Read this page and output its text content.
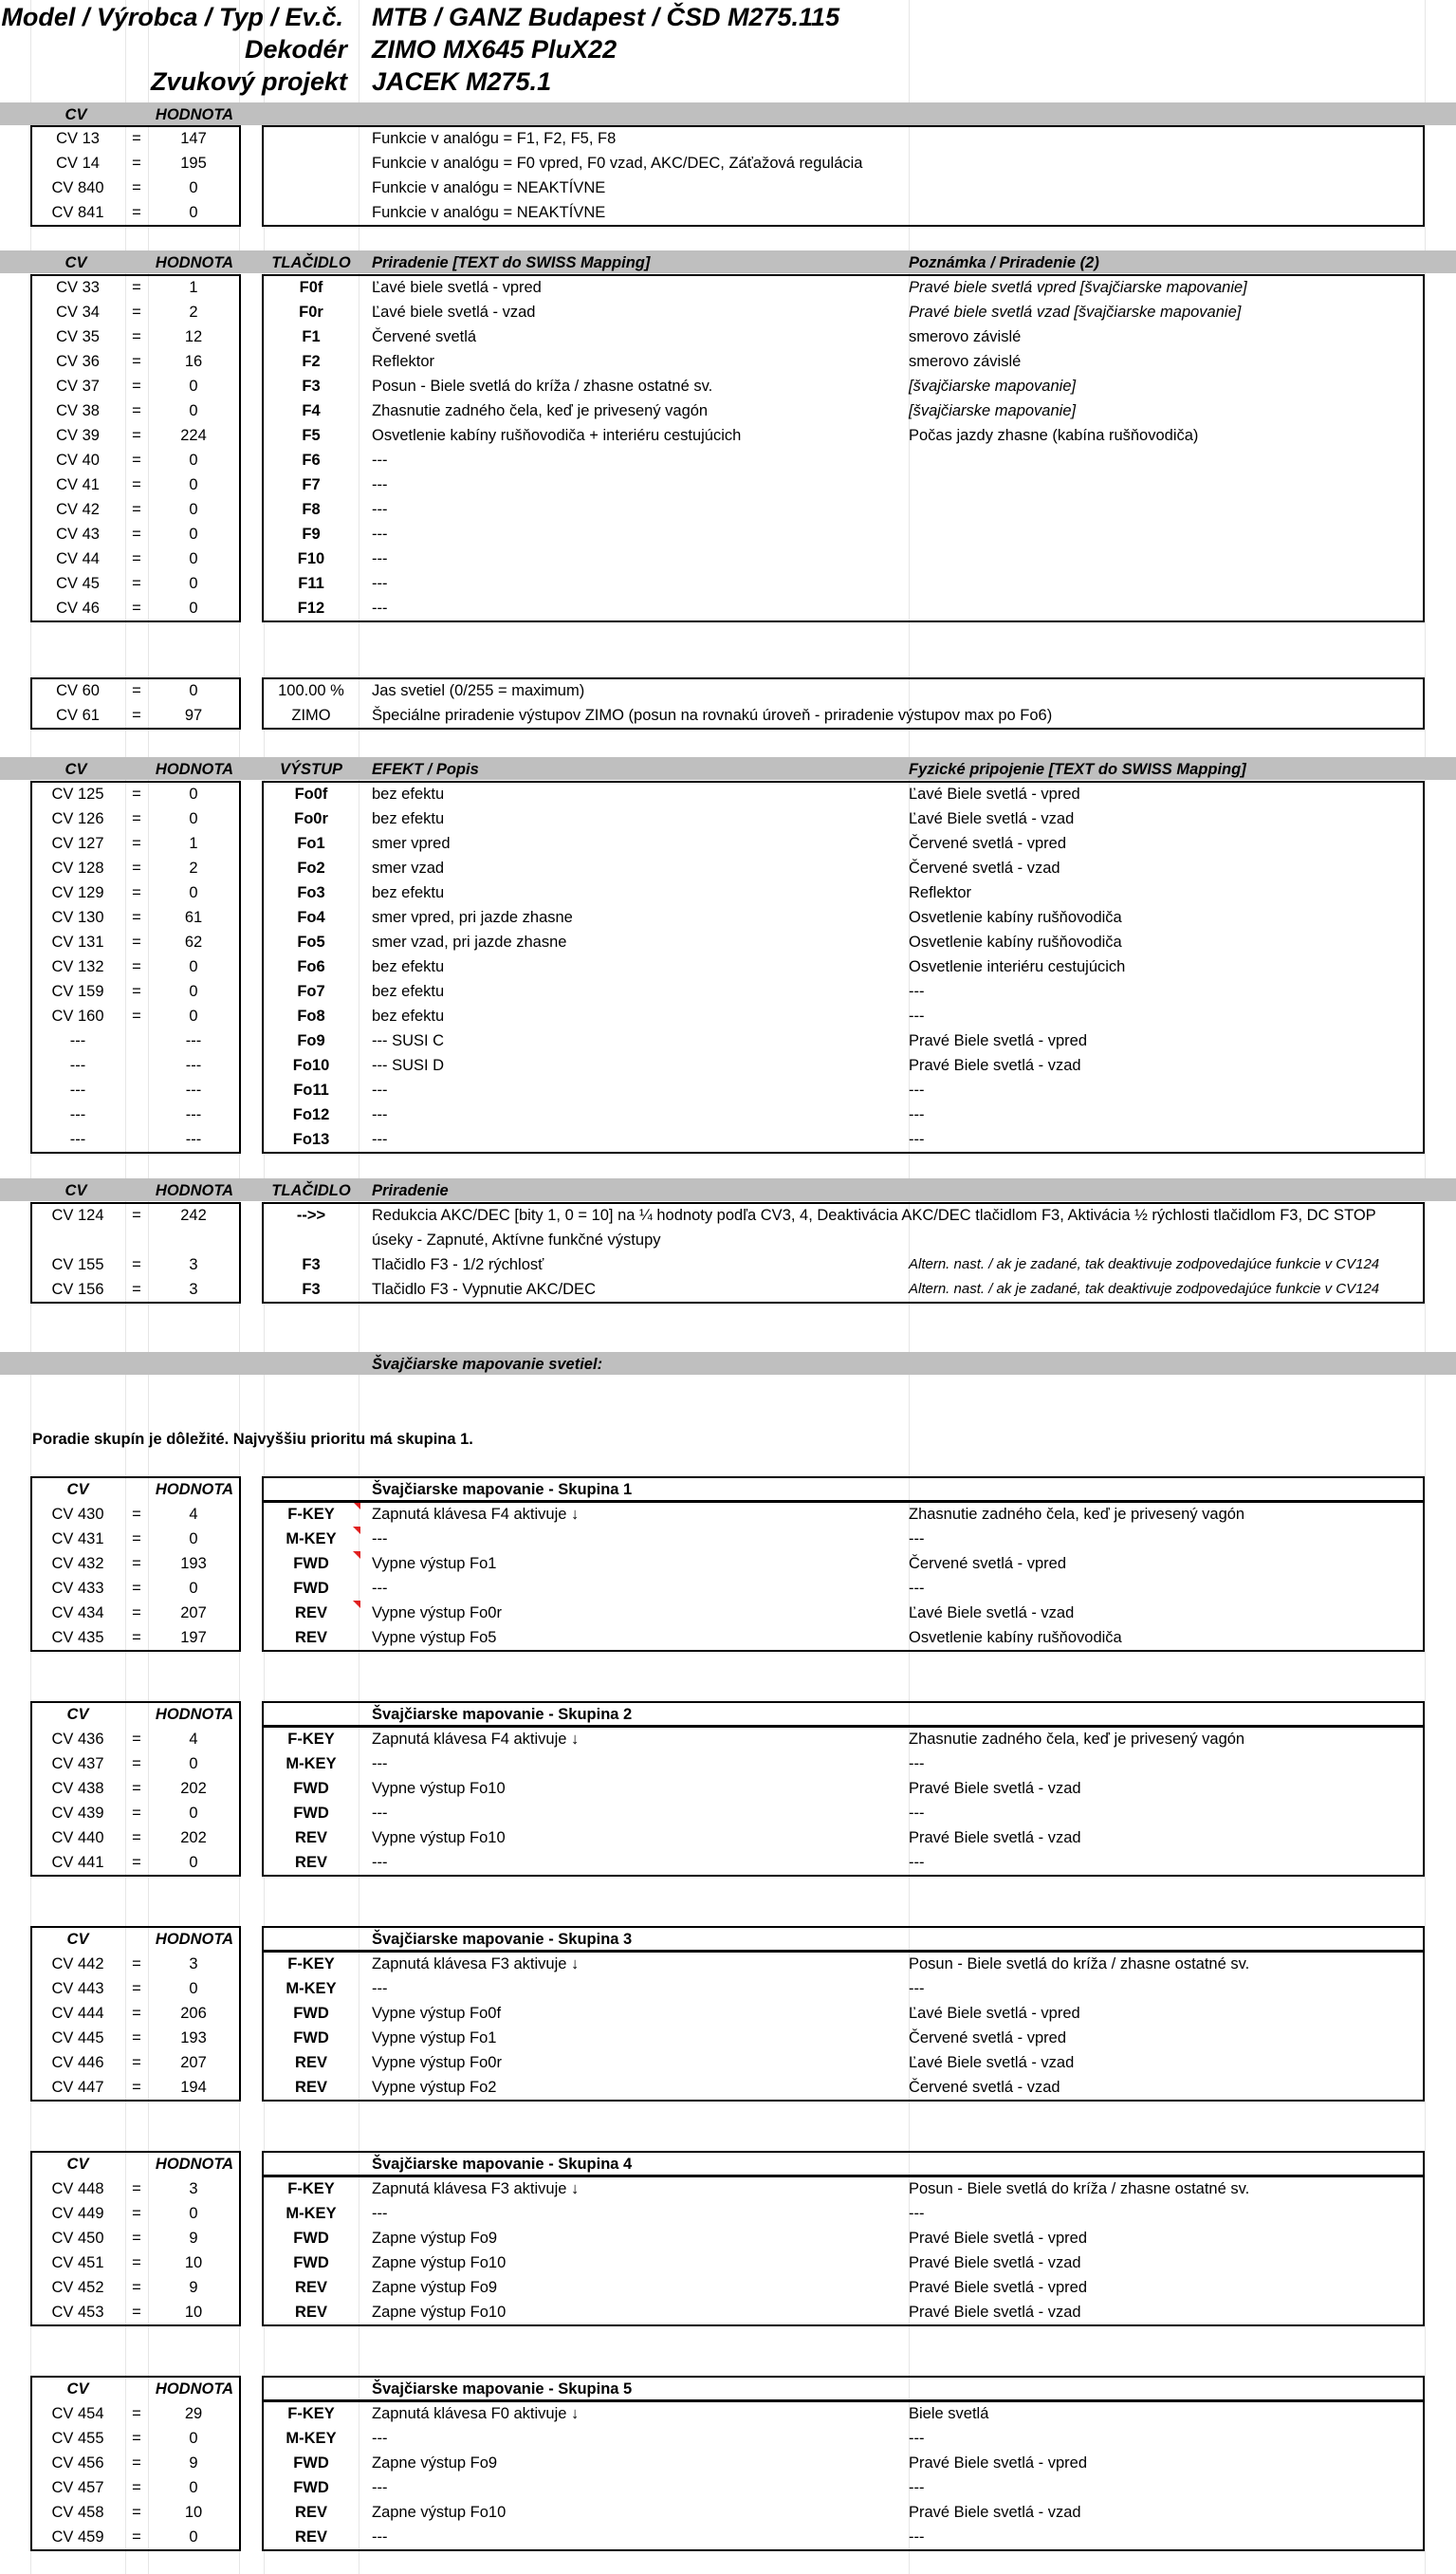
Model / Výrobca / Typ / Ev.č. MTB / GANZ Budapest / ČSD M275.115
Dekodér ZIMO MX645 PluX22
Zvukový projekt JACEK M275.1
Poradie skupín je dôležité. Najvyššiu prioritu má skupina 1.
CV	HODNOTA
CV 13	=	147	Funkcie v analógu = F1, F2, F5, F8
CV 14	=	195	Funkcie v analógu = F0 vpred, F0 vzad, AKC/DEC, Záťažová regulácia
CV 840	=	0	Funkcie v analógu = NEAKTÍVNE
CV 841	=	0	Funkcie v analógu = NEAKTÍVNE
CV	HODNOTA	TLAČIDLO	Priradenie [TEXT do SWISS Mapping]	Poznámka / Priradenie (2)
CV 33	=	1	F0f	Ľavé biele svetlá - vpred	Pravé biele svetlá vpred [švajčiarske mapovanie]
CV 34	=	2	F0r	Ľavé biele svetlá - vzad	Pravé biele svetlá vzad [švajčiarske mapovanie]
CV 35	=	12	F1	Červené svetlá	smerovo závislé
CV 36	=	16	F2	Reflektor	smerovo závislé
CV 37	=	0	F3	Posun - Biele svetlá do kríža / zhasne ostatné sv.	[švajčiarske mapovanie]
CV 38	=	0	F4	Zhasnutie zadného čela, keď je privesený vagón	[švajčiarske mapovanie]
CV 39	=	224	F5	Osvetlenie kabíny rušňovodiča + interiéru cestujúcich	Počas jazdy zhasne (kabína rušňovodiča)
CV 40	=	0	F6	---
CV 41	=	0	F7	---
CV 42	=	0	F8	---
CV 43	=	0	F9	---
CV 44	=	0	F10	---
CV 45	=	0	F11	---
CV 46	=	0	F12	---
CV 60	=	0	100.00 %	Jas svetiel (0/255 = maximum)
CV 61	=	97	ZIMO	Špeciálne priradenie výstupov ZIMO (posun na rovnakú úroveň - priradenie výstupov max po Fo6)
CV	HODNOTA	VÝSTUP	EFEKT / Popis	Fyzické pripojenie [TEXT do SWISS Mapping]
CV 125	=	0	Fo0f	bez efektu	Ľavé Biele svetlá - vpred
CV 126	=	0	Fo0r	bez efektu	Ľavé Biele svetlá - vzad
CV 127	=	1	Fo1	smer vpred	Červené svetlá - vpred
CV 128	=	2	Fo2	smer vzad	Červené svetlá - vzad
CV 129	=	0	Fo3	bez efektu	Reflektor
CV 130	=	61	Fo4	smer vpred, pri jazde zhasne	Osvetlenie kabíny rušňovodiča
CV 131	=	62	Fo5	smer vzad, pri jazde zhasne	Osvetlenie kabíny rušňovodiča
CV 132	=	0	Fo6	bez efektu	Osvetlenie interiéru cestujúcich
CV 159	=	0	Fo7	bez efektu	---
CV 160	=	0	Fo8	bez efektu	---
---	---	Fo9	--- SUSI C	Pravé Biele svetlá - vpred
---	---	Fo10	--- SUSI D	Pravé Biele svetlá - vzad
---	---	Fo11	---	---
---	---	Fo12	---	---
---	---	Fo13	---	---
CV	HODNOTA	TLAČIDLO	Priradenie
CV 124	=	242	-->>	Redukcia AKC/DEC [bity 1, 0 = 10] na ¼ hodnoty podľa CV3, 4, Deaktivácia AKC/DEC tlačidlom F3, Aktivácia ½ rýchlosti tlačidlom F3, DC STOP
úseky - Zapnuté, Aktívne funkčné výstupy
CV 155	=	3	F3	Tlačidlo F3 - 1/2 rýchlosť	Altern. nast. / ak je zadané, tak deaktivuje zodpovedajúce funkcie v CV124
CV 156	=	3	F3	Tlačidlo F3 - Vypnutie AKC/DEC	Altern. nast. / ak je zadané, tak deaktivuje zodpovedajúce funkcie v CV124
Švajčiarske mapovanie svetiel:
CV	HODNOTA	Švajčiarske mapovanie - Skupina 1
CV 430	=	4	F-KEY	Zapnutá klávesa F4 aktivuje ↓	Zhasnutie zadného čela, keď je privesený vagón
CV 431	=	0	M-KEY	---	---
CV 432	=	193	FWD	Vypne výstup Fo1	Červené svetlá - vpred
CV 433	=	0	FWD	---	---
CV 434	=	207	REV	Vypne výstup Fo0r	Ľavé Biele svetlá - vzad
CV 435	=	197	REV	Vypne výstup Fo5	Osvetlenie kabíny rušňovodiča
CV	HODNOTA	Švajčiarske mapovanie - Skupina 2
CV 436	=	4	F-KEY	Zapnutá klávesa F4 aktivuje ↓	Zhasnutie zadného čela, keď je privesený vagón
CV 437	=	0	M-KEY	---	---
CV 438	=	202	FWD	Vypne výstup Fo10	Pravé Biele svetlá - vzad
CV 439	=	0	FWD	---	---
CV 440	=	202	REV	Vypne výstup Fo10	Pravé Biele svetlá - vzad
CV 441	=	0	REV	---	---
CV	HODNOTA	Švajčiarske mapovanie - Skupina 3
CV 442	=	3	F-KEY	Zapnutá klávesa F3 aktivuje ↓	Posun - Biele svetlá do kríža / zhasne ostatné sv.
CV 443	=	0	M-KEY	---	---
CV 444	=	206	FWD	Vypne výstup Fo0f	Ľavé Biele svetlá - vpred
CV 445	=	193	FWD	Vypne výstup Fo1	Červené svetlá - vpred
CV 446	=	207	REV	Vypne výstup Fo0r	Ľavé Biele svetlá - vzad
CV 447	=	194	REV	Vypne výstup Fo2	Červené svetlá - vzad
CV	HODNOTA	Švajčiarske mapovanie - Skupina 4
CV 448	=	3	F-KEY	Zapnutá klávesa F3 aktivuje ↓	Posun - Biele svetlá do kríža / zhasne ostatné sv.
CV 449	=	0	M-KEY	---	---
CV 450	=	9	FWD	Zapne výstup Fo9	Pravé Biele svetlá - vpred
CV 451	=	10	FWD	Zapne výstup Fo10	Pravé Biele svetlá - vzad
CV 452	=	9	REV	Zapne výstup Fo9	Pravé Biele svetlá - vpred
CV 453	=	10	REV	Zapne výstup Fo10	Pravé Biele svetlá - vzad
CV	HODNOTA	Švajčiarske mapovanie - Skupina 5
CV 454	=	29	F-KEY	Zapnutá klávesa F0 aktivuje ↓	Biele svetlá
CV 455	=	0	M-KEY	---	---
CV 456	=	9	FWD	Zapne výstup Fo9	Pravé Biele svetlá - vpred
CV 457	=	0	FWD	---	---
CV 458	=	10	REV	Zapne výstup Fo10	Pravé Biele svetlá - vzad
CV 459	=	0	REV	---	---
